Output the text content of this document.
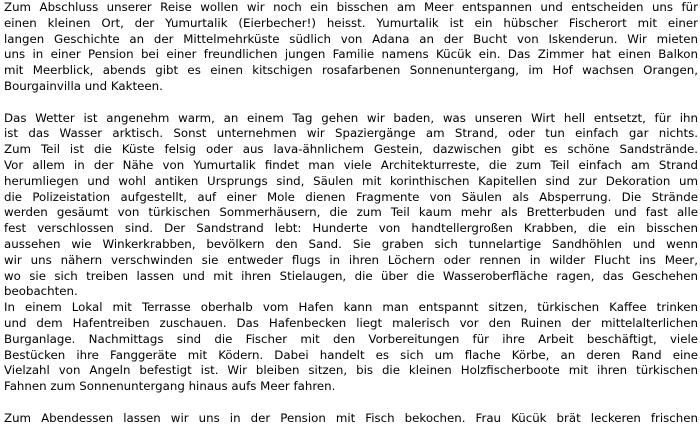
Zum Abschluss unserer Reise wollen wir noch ein bisschen am Meer entspannen und entscheiden uns für
einen kleinen Ort, der Yumurtalik (Eierbecher!) heisst. Yumurtalik ist ein hübscher Fischerort mit einer
langen Geschichte an der Mittelmehrküste südlich von Adana an der Bucht von Iskenderun. Wir mieten
uns in einer Pension bei einer freundlichen jungen Familie namens Kücük ein. Das Zimmer hat einen Balkon
mit Meerblick, abends gibt es einen kitschigen rosafarbenen Sonnenuntergang, im Hof wachsen Orangen,
Bourgainvilla und Kakteen.
Das Wetter ist angenehm warm, an einem Tag gehen wir baden, was unseren Wirt hell entsetzt, für ihn
ist das Wasser arktisch. Sonst unternehmen wir Spaziergänge am Strand, oder tun einfach gar nichts.
Zum Teil ist die Küste felsig oder aus lava-ähnlichem Gestein, dazwischen gibt es schöne Sandstrände.
Vor allem in der Nähe von Yumurtalik findet man viele Architekturreste, die zum Teil einfach am Strand
herumliegen und wohl antiken Ursprungs sind, Säulen mit korinthischen Kapitellen sind zur Dekoration um
die Polizeistation aufgestellt, auf einer Mole dienen Fragmente von Säulen als Absperrung. Die Strände
werden gesäumt von türkischen Sommerhäusern, die zum Teil kaum mehr als Bretterbuden und fast alle
fest verschlossen sind. Der Sandstrand lebt: Hunderte von handtellergroßen Krabben, die ein bisschen
aussehen wie Winkerkrabben, bevölkern den Sand. Sie graben sich tunnelartige Sandhöhlen und wenn
wir uns nähern verschwinden sie entweder flugs in ihren Löchern oder rennen in wilder Flucht ins Meer,
wo sie sich treiben lassen und mit ihren Stielaugen, die über die Wasseroberfläche ragen, das Geschehen
beobachten.
In einem Lokal mit Terrasse oberhalb vom Hafen kann man entspannt sitzen, türkischen Kaffee trinken
und dem Hafentreiben zuschauen. Das Hafenbecken liegt malerisch vor den Ruinen der mittelalterlichen
Burganlage. Nachmittags sind die Fischer mit den Vorbereitungen für ihre Arbeit beschäftigt, viele
Bestücken ihre Fanggeräte mit Ködern. Dabei handelt es sich um flache Körbe, an deren Rand eine
Vielzahl von Angeln befestigt ist. Wir bleiben sitzen, bis die kleinen Holzfischerboote mit ihren türkischen
Fahnen zum Sonnenuntergang hinaus aufs Meer fahren.
Zum Abendessen lassen wir uns in der Pension mit Fisch bekochen. Frau Kücük brät leckeren frischen
